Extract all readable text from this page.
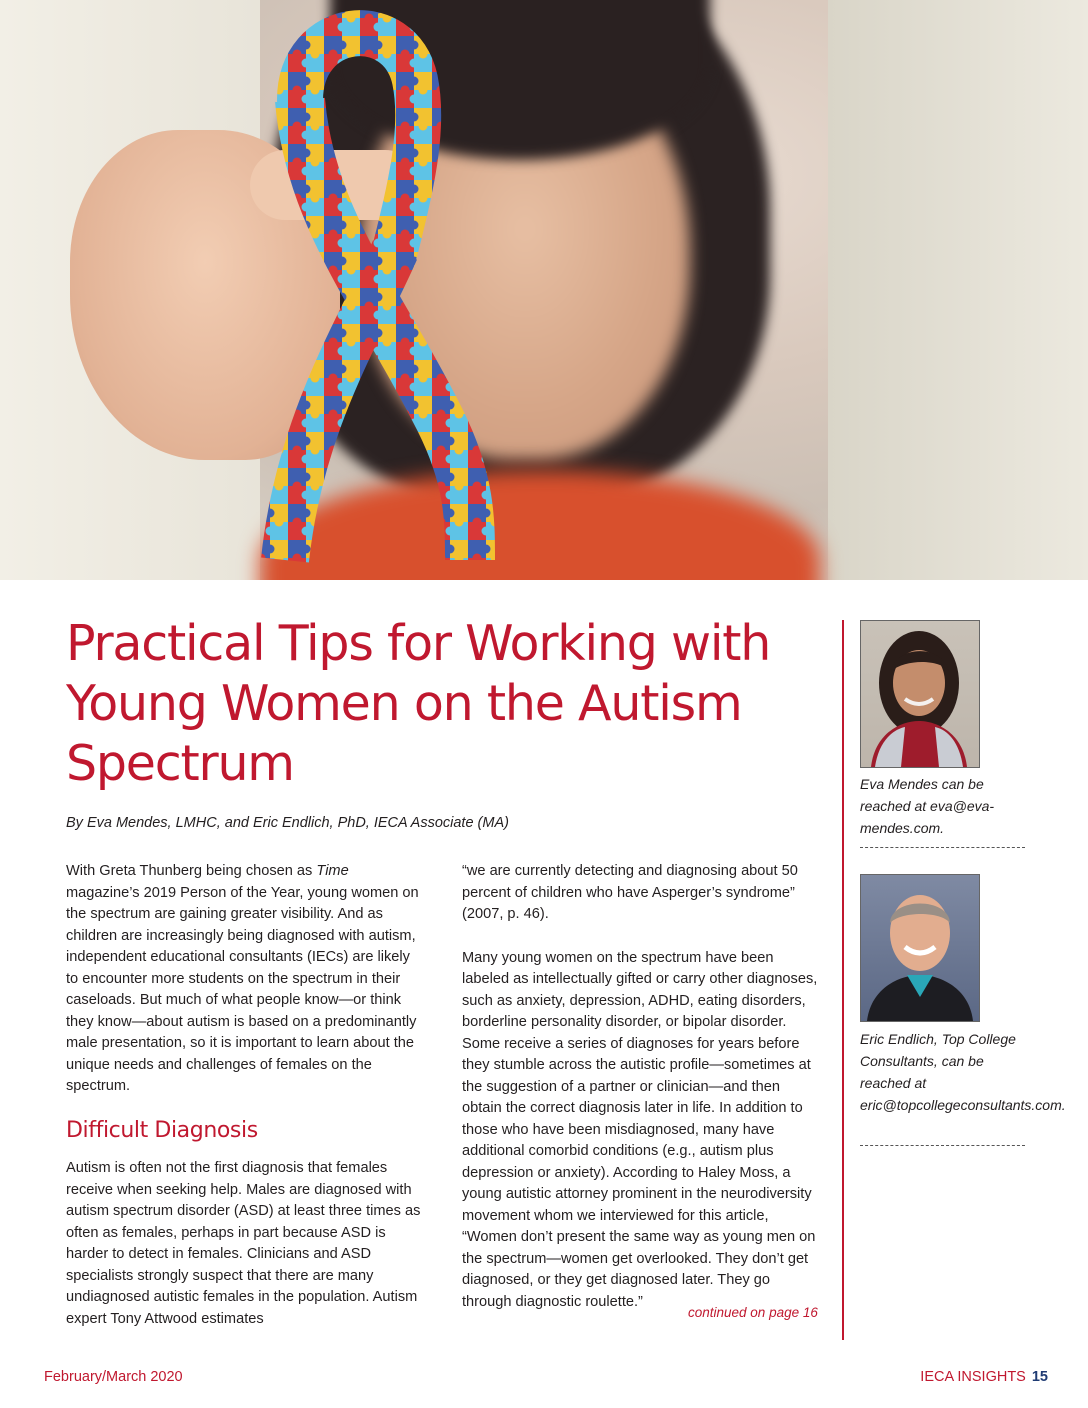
Practical Tips for Working with Young Women on the Autism Spectrum
By Eva Mendes, LMHC, and Eric Endlich, PhD, IECA Associate (MA)

With Greta Thunberg being chosen as Time magazine’s 2019 Person of the Year, young women on the spectrum are gaining greater visibility. And as children are increasingly being diagnosed with autism, independent educational consultants (IECs) are likely to encounter more students on the spectrum in their caseloads. But much of what people know—or think they know—about autism is based on a predominantly male presentation, so it is important to learn about the unique needs and challenges of females on the spectrum.

Difficult Diagnosis

Autism is often not the first diagnosis that females receive when seeking help. Males are diagnosed with autism spectrum disorder (ASD) at least three times as often as females, perhaps in part because ASD is harder to detect in females. Clinicians and ASD specialists strongly suspect that there are many undiagnosed autistic females in the population. Autism expert Tony Attwood estimates

“we are currently detecting and diagnosing about 50 percent of children who have Asperger’s syndrome” (2007, p. 46).

Many young women on the spectrum have been labeled as intellectually gifted or carry other diagnoses, such as anxiety, depression, ADHD, eating disorders, borderline personality disorder, or bipolar disorder. Some receive a series of diagnoses for years before they stumble across the autistic profile—sometimes at the suggestion of a partner or clinician—and then obtain the correct diagnosis later in life. In addition to those who have been misdiagnosed, many have additional comorbid conditions (e.g., autism plus depression or anxiety). According to Haley Moss, a young autistic attorney prominent in the neurodiversity movement whom we interviewed for this article, “Women don’t present the same way as young men on the spectrum—women get overlooked. They don’t get diagnosed, or they get diagnosed later. They go through diagnostic roulette.”

continued on page 16
Eva Mendes can be reached at eva@eva-mendes.com.
Eric Endlich, Top College Consultants, can be reached at eric@topcollegeconsultants.com.
February/March 2020	IECA INSIGHTS 15
